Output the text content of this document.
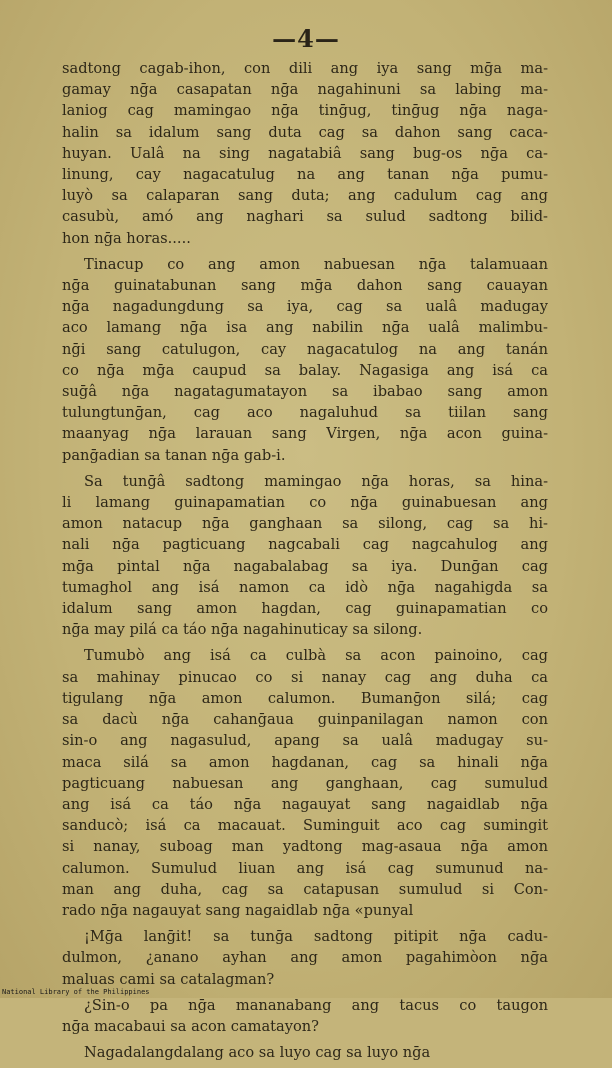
—4—
sadtong cagab-ihon, con dili ang iya sang mḡa ma-
gamay nḡa casapatan nḡa nagahinuni sa labing ma-
laniog cag mamingao nḡa tinḡug, tinḡug nḡa naga-
halin sa idalum sang duta cag sa dahon sang caca-
huyan. Ualâ na sing nagatabiâ sang bug-os nḡa ca-
linung, cay nagacatulug na ang tanan nḡa pumu-
luyò sa calaparan sang duta; ang cadulum cag ang
casubù, amó ang naghari sa sulud sadtong bilid-
hon nḡa horas.....
Tinacup co ang amon nabuesan nḡa talamuaan
nḡa guinatabunan sang mḡa dahon sang cauayan
nḡa nagadungdung sa iya, cag sa ualâ madugay
aco lamang nḡa isa ang nabilin nḡa ualâ malimbu-
nḡi sang catulugon, cay nagacatulog na ang tanán
co nḡa mḡa caupud sa balay. Nagasiga ang isá ca
suḡâ nḡa nagatagumatayon sa ibabao sang amon
tulungtunḡan, cag aco nagaluhud sa tiilan sang
maanyag nḡa larauan sang Virgen, nḡa acon guina-
panḡadian sa tanan nḡa gab-i.
Sa tunḡâ sadtong mamingao nḡa horas, sa hina-
li lamang guinapamatian co nḡa guinabuesan ang
amon natacup nḡa ganghaan sa silong, cag sa hi-
nali nḡa pagticuang nagcabali cag nagcahulog ang
mḡa pintal nḡa nagabalabag sa iya. Dunḡan cag
tumaghol ang isá namon ca idò nḡa nagahigda sa
idalum sang amon hagdan, cag guinapamatian co
nḡa may pilá ca táo nḡa nagahinuticay sa silong.
Tumubò ang isá ca culbà sa acon painoino, cag
sa mahinay pinucao co si nanay cag ang duha ca
tigulang nḡa amon calumon. Bumanḡon silá; cag
sa dacù nḡa cahanḡaua guinpanilagan namon con
sin-o ang nagasulud, apang sa ualâ madugay su-
maca silá sa amon hagdanan, cag sa hinali nḡa
pagticuang nabuesan ang ganghaan, cag sumulud
ang isá ca táo nḡa nagauyat sang nagaidlab nḡa
sanducò; isá ca macauat. Suminguit aco cag sumingit
si nanay, suboag man yadtong mag-asaua nḡa amon
calumon. Sumulud liuan ang isá cag sumunud na-
man ang duha, cag sa catapusan sumulud si Con-
rado nḡa nagauyat sang nagaidlab nḡa «punyal
¡Mḡa lanḡit! sa tunḡa sadtong pitipit nḡa cadu-
dulmon, ¿anano ayhan ang amon pagahimòon nḡa
maluas cami sa catalagman?
¿Sin-o pa nḡa mananabang ang tacus co taugon
nḡa macabaui sa acon camatayon?
Nagadalangdalang aco sa luyo cag sa luyo nḡa
National Library of the Philippines
